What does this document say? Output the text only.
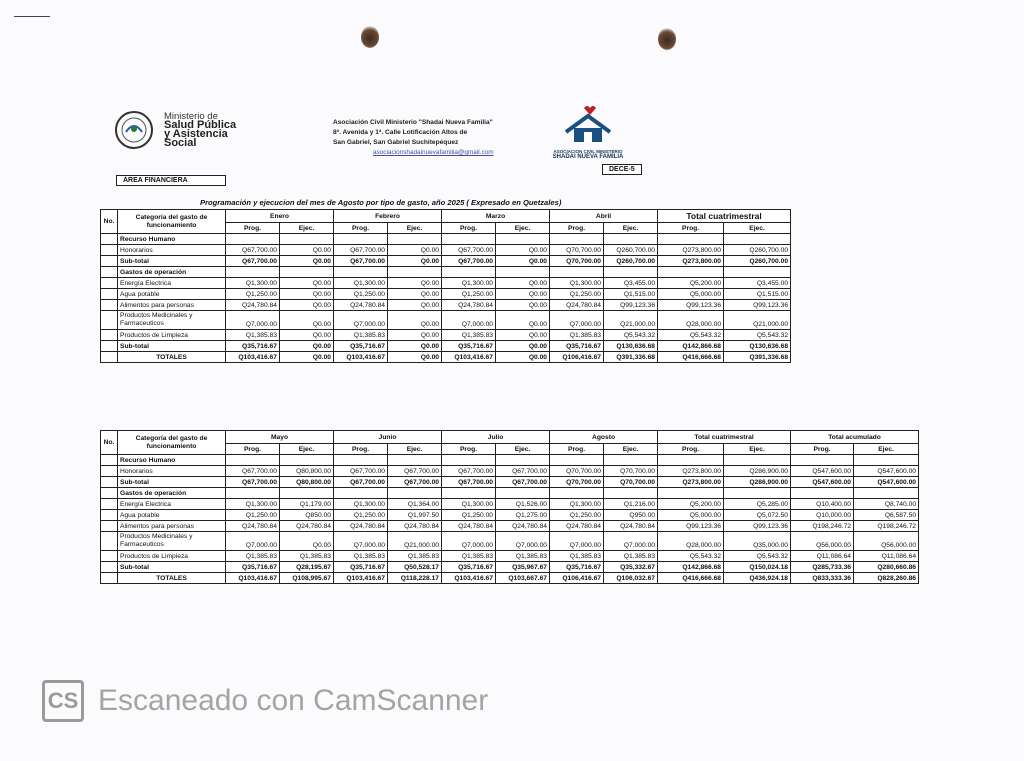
Ministerio de
Salud Pública
y Asistencia
Social
Asociación Civil Ministerio "Shadai Nueva Familia"
8ª. Avenida y 1ª. Calle Lotificación Altos de
San Gabriel, San Gabriel Suchitepéquez
asociacionshadainuevafamilia@gmail.com	ASOCIACION CIVIL MINISTERIO
SHADAI NUEVA FAMILIA
DECE-5
ÁREA FINANCIERA
Programación y ejecucion del mes de Agosto por tipo de gasto, año 2025 ( Expresado en Quetzales)
No.	Categoría del gasto de funcionamiento	Enero		Febrero		Marzo		Abril		Total cuatrimestral	
		Prog.	Ejec.	Prog.	Ejec.	Prog.	Ejec.	Prog.	Ejec.	Prog.	Ejec.
	Recurso Humano										
	Honorarios	Q67,700.00	Q0.00	Q67,700.00	Q0.00	Q67,700.00	Q0.00	Q70,700.00	Q260,700.00	Q273,800.00	Q260,700.00
	Sub-total	Q67,700.00	Q0.00	Q67,700.00	Q0.00	Q67,700.00	Q0.00	Q70,700.00	Q260,700.00	Q273,800.00	Q260,700.00
	Gastos de operación										
	Energía Electrica	Q1,300.00	Q0.00	Q1,300.00	Q0.00	Q1,300.00	Q0.00	Q1,300.00	Q3,455.00	Q5,200.00	Q3,455.00
	Agua potable	Q1,250.00	Q0.00	Q1,250.00	Q0.00	Q1,250.00	Q0.00	Q1,250.00	Q1,515.00	Q5,000.00	Q1,515.00
	Alimentos para personas	Q24,780.84	Q0.00	Q24,780.84	Q0.00	Q24,780.84	Q0.00	Q24,780.84	Q99,123.36	Q99,123.36	Q99,123.36
	Productos Medicinales y Farmaceuticos	Q7,000.00	Q0.00	Q7,000.00	Q0.00	Q7,000.00	Q0.00	Q7,000.00	Q21,000.00	Q28,000.00	Q21,000.00
	Productos de Limpieza	Q1,385.83	Q0.00	Q1,385.83	Q0.00	Q1,385.83	Q0.00	Q1,385.83	Q5,543.32	Q5,543.32	Q5,543.32
	Sub-total	Q35,716.67	Q0.00	Q35,716.67	Q0.00	Q35,716.67	Q0.00	Q35,716.67	Q130,636.68	Q142,866.68	Q130,636.68
	TOTALES	Q103,416.67	Q0.00	Q103,416.67	Q0.00	Q103,416.67	Q0.00	Q106,416.67	Q391,336.68	Q416,666.68	Q391,336.68
No.	Categoría del gasto de funcionamiento	Mayo		Junio		Julio		Agosto		Total cuatrimestral		Total acumulado	
		Prog.	Ejec.	Prog.	Ejec.	Prog.	Ejec.	Prog.	Ejec.	Prog.	Ejec.	Prog.	Ejec.
	Recurso Humano												
	Honorarios	Q67,700.00	Q80,800.00	Q67,700.00	Q67,700.00	Q67,700.00	Q67,700.00	Q70,700.00	Q70,700.00	Q273,800.00	Q286,900.00	Q547,600.00	Q547,600.00
	Sub-total	Q67,700.00	Q80,800.00	Q67,700.00	Q67,700.00	Q67,700.00	Q67,700.00	Q70,700.00	Q70,700.00	Q273,800.00	Q286,900.00	Q547,600.00	Q547,600.00
	Gastos de operación												
	Energía Electrica	Q1,300.00	Q1,179.00	Q1,300.00	Q1,364.00	Q1,300.00	Q1,526.00	Q1,300.00	Q1,216.00	Q5,200.00	Q5,285.00	Q10,400.00	Q8,740.00
	Agua potable	Q1,250.00	Q850.00	Q1,250.00	Q1,997.50	Q1,250.00	Q1,275.00	Q1,250.00	Q950.00	Q5,000.00	Q5,072.50	Q10,000.00	Q6,587.50
	Alimentos para personas	Q24,780.84	Q24,780.84	Q24,780.84	Q24,780.84	Q24,780.84	Q24,780.84	Q24,780.84	Q24,780.84	Q99,123.36	Q99,123.36	Q198,246.72	Q198,246.72
	Productos Medicinales y Farmaceuticos	Q7,000.00	Q0.00	Q7,000.00	Q21,000.00	Q7,000.00	Q7,000.00	Q7,000.00	Q7,000.00	Q28,000.00	Q35,000.00	Q56,000.00	Q56,000.00
	Productos de Limpieza	Q1,385.83	Q1,385.83	Q1,385.83	Q1,385.83	Q1,385.83	Q1,385.83	Q1,385.83	Q1,385.83	Q5,543.32	Q5,543.32	Q11,086.64	Q11,086.64
	Sub-total	Q35,716.67	Q28,195.67	Q35,716.67	Q50,528.17	Q35,716.67	Q35,967.67	Q35,716.67	Q35,332.67	Q142,866.68	Q150,024.18	Q285,733.36	Q280,660.86
	TOTALES	Q103,416.67	Q108,995.67	Q103,416.67	Q118,228.17	Q103,416.67	Q103,667.67	Q106,416.67	Q106,032.67	Q416,666.68	Q436,924.18	Q833,333.36	Q828,260.86
CS Escaneado con CamScanner
